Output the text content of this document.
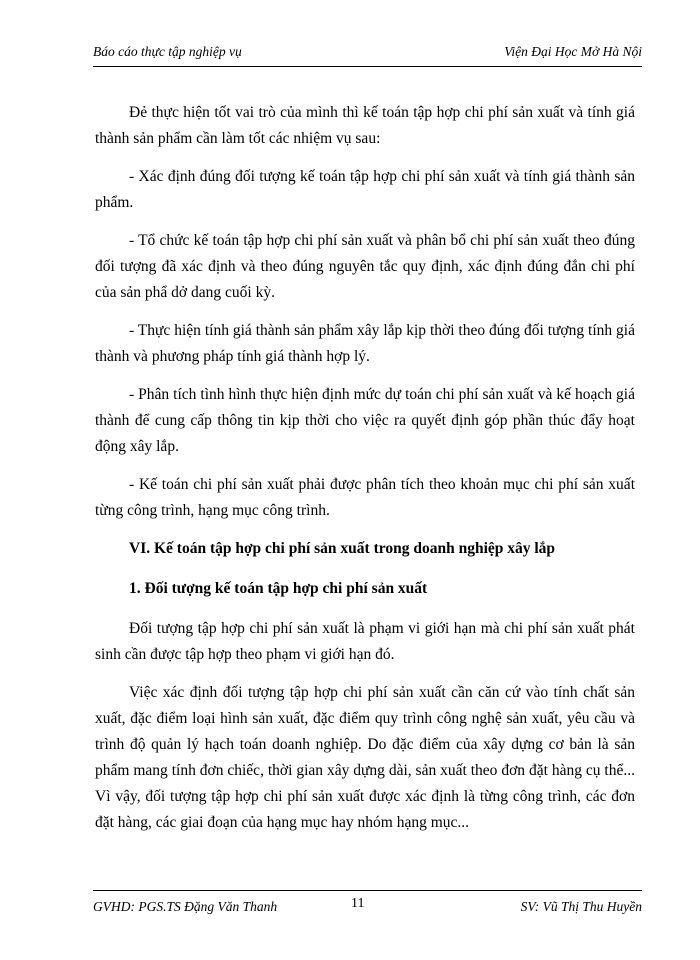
Báo cáo thực tập nghiệp vụ	Viện Đại Học Mở Hà Nội

Đẻ thực hiện tốt vai trò của mình thì kế toán tập hợp chi phí sản xuất và tính giá thành sản phẩm cần làm tốt các nhiệm vụ sau:

- Xác định đúng đối tượng kế toán tập hợp chi phí sản xuất và tính giá thành sản phẩm.

- Tổ chức kế toán tập hợp chi phí sản xuất và phân bổ chi phí sản xuất theo đúng đối tượng đã xác định và theo đúng nguyên tắc quy định, xác định đúng đắn chi phí của sản phẩ dở dang cuối kỳ.

- Thực hiện tính giá thành sản phẩm xây lắp kịp thời theo đúng đối tượng tính giá thành và phương pháp tính giá thành hợp lý.

- Phân tích tình hình thực hiện định mức dự toán chi phí sản xuất và kế hoạch giá thành để cung cấp thông tin kịp thời cho việc ra quyết định góp phần thúc đẩy hoạt động xây lắp.

- Kế toán chi phí sản xuất phải được phân tích theo khoản mục chi phí sản xuất từng công trình, hạng mục công trình.

VI. Kế toán tập hợp chi phí sản xuất trong doanh nghiệp xây lắp

1. Đối tượng kế toán tập hợp chi phí sản xuất

Đối tượng tập hợp chi phí sản xuất là phạm vi giới hạn mà chi phí sản xuất phát sinh cần được tập hợp theo phạm vi giới hạn đó.

Việc xác định đối tượng tập hợp chi phí sản xuất cần căn cứ vào tính chất sản xuất, đặc điểm loại hình sản xuất, đặc điểm quy trình công nghệ sản xuất, yêu cầu và trình độ quản lý hạch toán doanh nghiệp. Do đặc điểm của xây dựng cơ bản là sản phẩm mang tính đơn chiếc, thời gian xây dựng dài, sản xuất theo đơn đặt hàng cụ thể... Vì vậy, đối tượng tập hợp chi phí sản xuất được xác định là từng công trình, các đơn đặt hàng, các giai đoạn của hạng mục hay nhóm hạng mục...

GVHD: PGS.TS Đặng Văn Thanh	11	SV: Vũ Thị Thu Huyền
